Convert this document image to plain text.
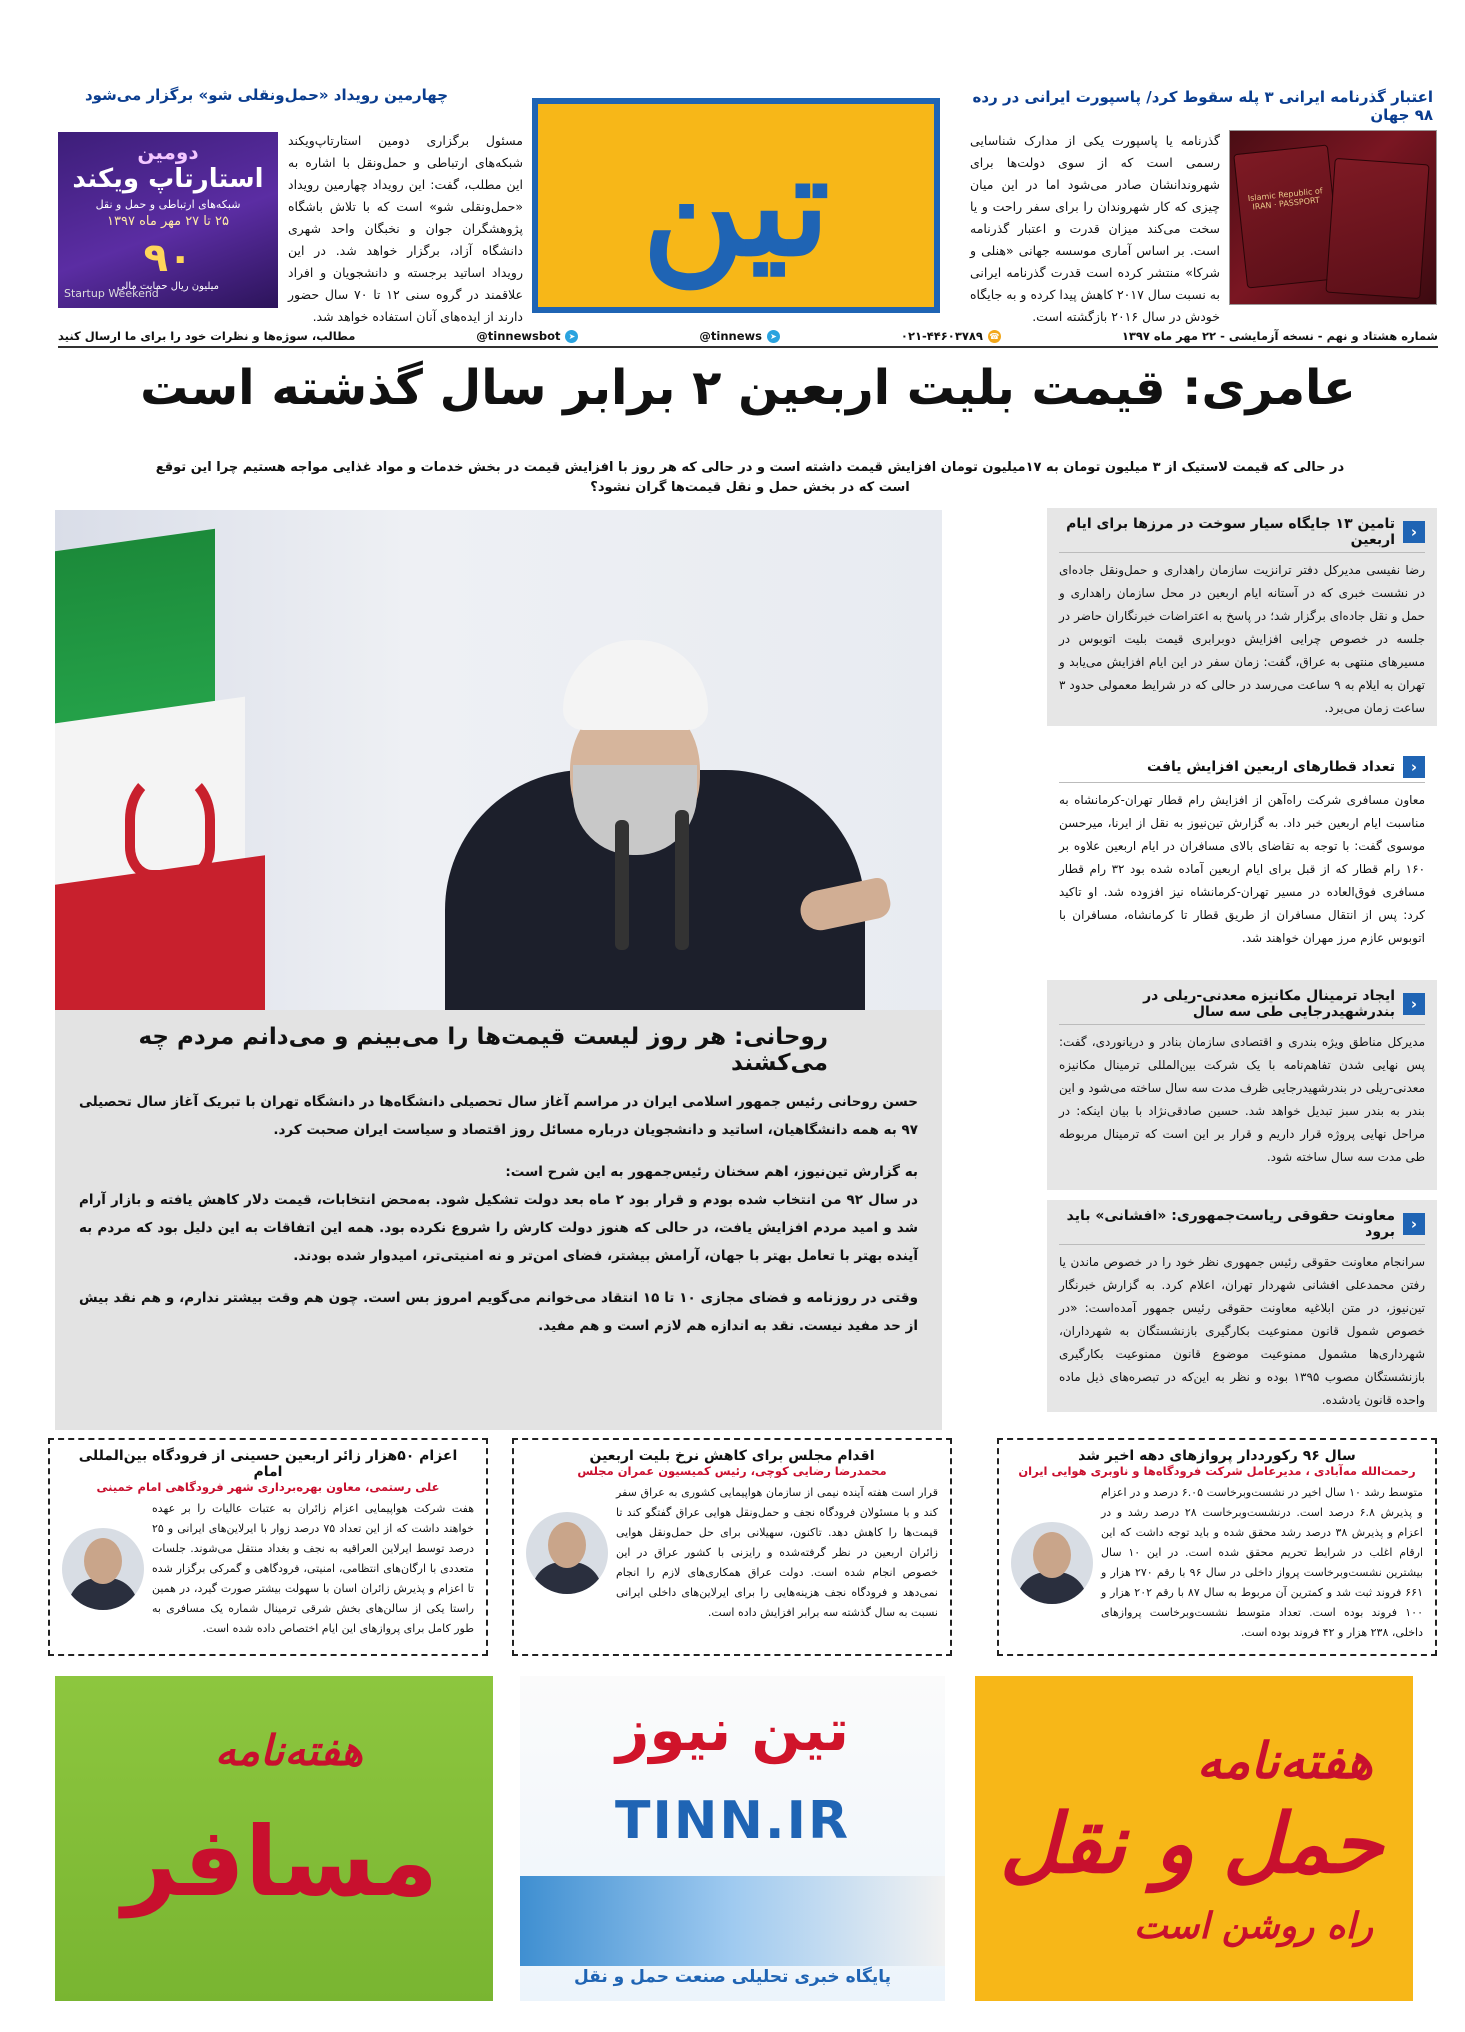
اعتبار گذرنامه ایرانی ۳ پله سقوط کرد/ پاسپورت ایرانی در رده ۹۸ جهان
چهارمین رویداد «حمل‌ونقلی شو» برگزار می‌شود
Islamic Republic of IRAN · PASSPORT

گذرنامه یا پاسپورت یکی از مدارک شناسایی رسمی است که از سوی دولت‌ها برای شهروندانشان صادر می‌شود اما در این میان چیزی که کار شهروندان را برای سفر راحت و یا سخت می‌کند میزان قدرت و اعتبار گذرنامه است. بر اساس آماری موسسه جهانی «هنلی و شرکا» منتشر کرده است قدرت گذرنامه ایرانی به نسبت سال ۲۰۱۷ کاهش پیدا کرده و به جایگاه خودش در سال ۲۰۱۶ بازگشته است.

تین

مسئول برگزاری دومین استارتاپ‌ویکند شبکه‌های ارتباطی و حمل‌ونقل با اشاره به این مطلب، گفت: این رویداد چهارمین رویداد «حمل‌ونقلی شو» است که با تلاش باشگاه پژوهشگران جوان و نخبگان واحد شهری دانشگاه آزاد، برگزار خواهد شد. در این رویداد اساتید برجسته و دانشجویان و افراد علاقمند در گروه سنی ۱۲ تا ۷۰ سال حضور دارند از ایده‌های آنان استفاده خواهد شد.

دومین
استارتاپ ویکند
شبکه‌های ارتباطی و حمل و نقل
۲۵ تا ۲۷ مهر ماه ۱۳۹۷
۹۰
میلیون ریال حمایت مالی
Startup Weekend
شماره هشتاد و نهم - نسخه آزمایشی - ۲۲ مهر ماه ۱۳۹۷
☎
۰۲۱-۴۴۶۰۳۷۸۹
➤
@tinnews
➤
@tinnewsbot
مطالب، سوژه‌ها و نظرات خود را برای ما ارسال کنید
عامری: قیمت بلیت اربعین ۲ برابر سال گذشته است

در حالی که قیمت لاستیک از ۳ میلیون تومان به ۱۷میلیون تومان افزایش قیمت داشته است و در حالی که هر روز با افزایش قیمت در بخش خدمات و مواد غذایی مواجه هستیم چرا این توقع است که در بخش حمل و نقل قیمت‌ها گران نشود؟

روحانی: هر روز لیست قیمت‌ها را می‌بینم و می‌دانم مردم چه می‌کشند

حسن روحانی رئیس جمهور اسلامی ایران در مراسم آغاز سال تحصیلی دانشگاه‌ها در دانشگاه تهران با تبریک آغاز سال تحصیلی ۹۷ به همه دانشگاهیان، اساتید و دانشجویان درباره مسائل روز اقتصاد و سیاست ایران صحبت کرد.

به گزارش تین‌نیوز، اهم سخنان رئیس‌جمهور به این شرح است:

در سال ۹۲ من انتخاب شده بودم و قرار بود ۲ ماه بعد دولت تشکیل شود. به‌محض انتخابات، قیمت دلار کاهش یافته و بازار آرام شد و امید مردم افزایش یافت، در حالی که هنوز دولت کارش را شروع نکرده بود. همه این اتفاقات به این دلیل بود که مردم به آینده بهتر با تعامل بهتر با جهان، آرامش بیشتر، فضای امن‌تر و نه امنیتی‌تر، امیدوار شده بودند.

وقتی در روزنامه و فضای مجازی ۱۰ تا ۱۵ انتقاد می‌خوانم می‌گویم امروز بس است. چون هم وقت بیشتر ندارم، و هم نقد بیش از حد مفید نیست. نقد به اندازه هم لازم است و هم مفید.

‹
تامین ۱۳ جایگاه سیار سوخت در مرزها برای ایام اربعین

رضا نفیسی مدیرکل دفتر ترانزیت سازمان راهداری و حمل‌ونقل جاده‌ای در نشست خبری که در آستانه ایام اربعین در محل سازمان راهداری و حمل و نقل جاده‌ای برگزار شد؛ در پاسخ به اعتراضات خبرنگاران حاضر در جلسه در خصوص چرایی افزایش دوبرابری قیمت بلیت اتوبوس در مسیرهای منتهی به عراق، گفت: زمان سفر در این ایام افزایش می‌یابد و تهران به ایلام به ۹ ساعت می‌رسد در حالی که در شرایط معمولی حدود ۳ ساعت زمان می‌برد.

‹
تعداد قطارهای اربعین افزایش یافت

معاون مسافری شرکت راه‌آهن از افزایش رام قطار تهران-کرمانشاه به مناسبت ایام اربعین خبر داد. به گزارش تین‌نیوز به نقل از ایرنا، میرحسن موسوی گفت: با توجه به تقاضای بالای مسافران در ایام اربعین علاوه بر ۱۶۰ رام قطار که از قبل برای ایام اربعین آماده شده بود ۳۲ رام قطار مسافری فوق‌العاده در مسیر تهران-کرمانشاه نیز افزوده شد. او تاکید کرد: پس از انتقال مسافران از طریق قطار تا کرمانشاه، مسافران با اتوبوس عازم مرز مهران خواهند شد.

‹
ایجاد ترمینال مکانیزه معدنی-ریلی در بندرشهیدرجایی طی سه سال

مدیرکل مناطق ویژه بندری و اقتصادی سازمان بنادر و دریانوردی، گفت: پس نهایی شدن تفاهم‌نامه با یک شرکت بین‌المللی ترمینال مکانیزه معدنی-ریلی در بندرشهیدرجایی ظرف مدت سه سال ساخته می‌شود و این بندر به بندر سبز تبدیل خواهد شد. حسین صادقی‌نژاد با بیان اینکه: در مراحل نهایی پروژه قرار داریم و قرار بر این است که ترمینال مربوطه طی مدت سه سال ساخته شود.

‹
معاونت حقوقی ریاست‌جمهوری: «افشانی» باید برود

سرانجام معاونت حقوقی رئیس جمهوری نظر خود را در خصوص ماندن یا رفتن محمدعلی افشانی شهردار تهران، اعلام کرد. به گزارش خبرنگار تین‌نیوز، در متن ابلاغیه معاونت حقوقی رئیس جمهور آمده‌است: «در خصوص شمول قانون ممنوعیت بکارگیری بازنشستگان به شهرداران، شهرداری‌ها مشمول ممنوعیت موضوع قانون ممنوعیت بکارگیری بازنشستگان مصوب ۱۳۹۵ بوده و نظر به این‌که در تبصره‌های ذیل ماده واحده قانون یادشده.

سال ۹۶ رکورددار پروازهای دهه اخیر شد
رحمت‌الله مه‌آبادی ، مدیرعامل شرکت فرودگاه‌ها و ناوبری هوایی ایران

متوسط رشد ۱۰ سال اخیر در نشست‌وبرخاست ۶.۰۵ درصد و در اعزام و پذیرش ۶.۸ درصد است. درنشست‌وبرخاست ۲۸ درصد رشد و در اعزام و پذیرش ۳۸ درصد رشد محقق شده و باید توجه داشت که این ارقام اغلب در شرایط تحریم محقق شده است. در این ۱۰ سال بیشترین نشست‌وبرخاست پرواز داخلی در سال ۹۶ با رقم ۲۷۰ هزار و ۶۶۱ فروند ثبت شد و کمترین آن مربوط به سال ۸۷ با رقم ۲۰۲ هزار و ۱۰۰ فروند بوده است. تعداد متوسط نشست‌وبرخاست پروازهای داخلی، ۲۳۸ هزار و ۴۲ فروند بوده است.

اقدام مجلس برای کاهش نرخ بلیت اربعین
محمدرضا رضایی کوچی، رئیس کمیسیون عمران مجلس

قرار است هفته آینده نیمی از سازمان هواپیمایی کشوری به عراق سفر کند و با مسئولان فرودگاه نجف و حمل‌ونقل هوایی عراق گفتگو کند تا قیمت‌ها را کاهش دهد. تاکنون، سهیلانی برای حل حمل‌ونقل هوایی زائران اربعین در نظر گرفته‌شده و رایزنی با کشور عراق در این خصوص انجام شده است. دولت عراق همکاری‌های لازم را انجام نمی‌دهد و فرودگاه نجف هزینه‌هایی را برای ایرلاین‌های داخلی ایرانی نسبت به سال گذشته سه برابر افزایش داده است.

اعزام ۵۰هزار زائر اربعین حسینی از فرودگاه بین‌المللی امام
علی رستمی، معاون بهره‌برداری شهر فرودگاهی امام خمینی

هفت شرکت هواپیمایی اعزام زائران به عتبات عالیات را بر عهده خواهند داشت که از این تعداد ۷۵ درصد زوار با ایرلاین‌های ایرانی و ۲۵ درصد توسط ایرلاین العراقیه به نجف و بغداد منتقل می‌شوند. جلسات متعددی با ارگان‌های انتظامی، امنیتی، فرودگاهی و گمرکی برگزار شده تا اعزام و پذیرش زائران اسان با سهولت بیشتر صورت گیرد، در همین راستا یکی از سالن‌های بخش شرقی ترمینال شماره یک مسافری به طور کامل برای پروازهای این ایام اختصاص داده شده است.

هفته‌نامه
مسافر
تین نیوز
TINN.IR
پایگاه خبری تحلیلی صنعت حمل و نقل
هفته‌نامه
حمل و نقل
راه روشن است
